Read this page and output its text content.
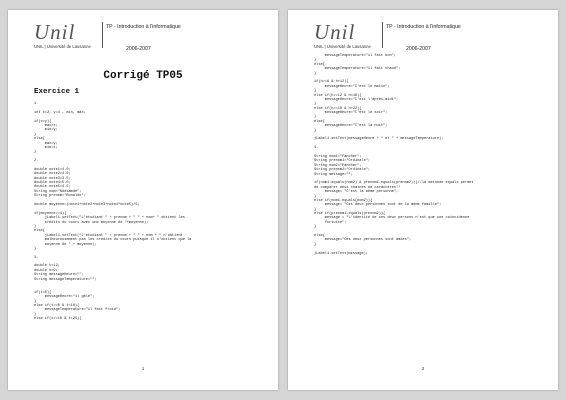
Unil
UNIL | Université de Lausanne
TP - Introduction à l'informatique
2006-2007
Corrigé TP05
Exercice 1
1.
int x=2, y=4 , min, max;
if(x>y){
max=x;
min=y;
}
else{
max=y;
min=x;
}
2.
double note1=4.0;
double note2=4.0;
double note3=3.5;
double note4=5.0;
double note5=4.5;
String nom="Ndésamde";
String prenom="Ronaldo";
double moyenne=(note1+note2+note3+note4+note5)/5;
if(moyenne>=4){
jLabel1.setText("L'étudiant " + prenom + " " + nom+ " obtient les
crédits du cours avec une moyenne de "+moyenne);
}
else{
jLabel1.setText("L'étudiant " + prenom + " " + nom + " n'obtient
malheureusement pas les crédits du cours puisque il n'obtient que la
moyenne de " + moyenne);
}
3.
double t=12;
double h=9;
String messageHeure="";
String messageTemperature="";
if(t<0){
messageHeure="il gèle";
}
else if(t>=0 & t<10){
messageTemperature="il fait froid";
}
else if(t>=10 & t<25){
1
Unil
UNIL | Université de Lausanne
TP - Introduction à l'informatique
2006-2007
messageTemperature="il fait bon";
}
else{
messageTemperature="il fait chaud";
}
if(h>=6 & h<12){
messageHeure="C'est le matin";
}
else if(h>=12 & h<18){
messageHeure="C'est l'après-midi";
}
else if(h>=18 & h<22){
messageHeure="C'est le soir";
}
else{
messageHeure="C'est la nuit";
}
jLabel1.setText(messageHeure + " et " + messageTemperature);
4.
String nom1="Fancher";
String prenom1="Ordinale";
String nom2="Fancher";
String prenom2="Ordinale";
String message="";
if(nom1.equals(nom2) & prenom1.equals(prenom2)){//la méthode equals permet
de comparer deux chaînes de caractères!!
message= "C'est la même personne";
}
else if(nom1.equals(nom2)){
message= "Ces deux personnes sont de la même famille";
}
else if(prenom1.equals(prenom2)){
message = "L'identité de ces deux persons n'est que une coïncidence
fortuite";
}
else{
message="Ces deux personnes sont amies";
}
jLabel1.setText(message);
2
